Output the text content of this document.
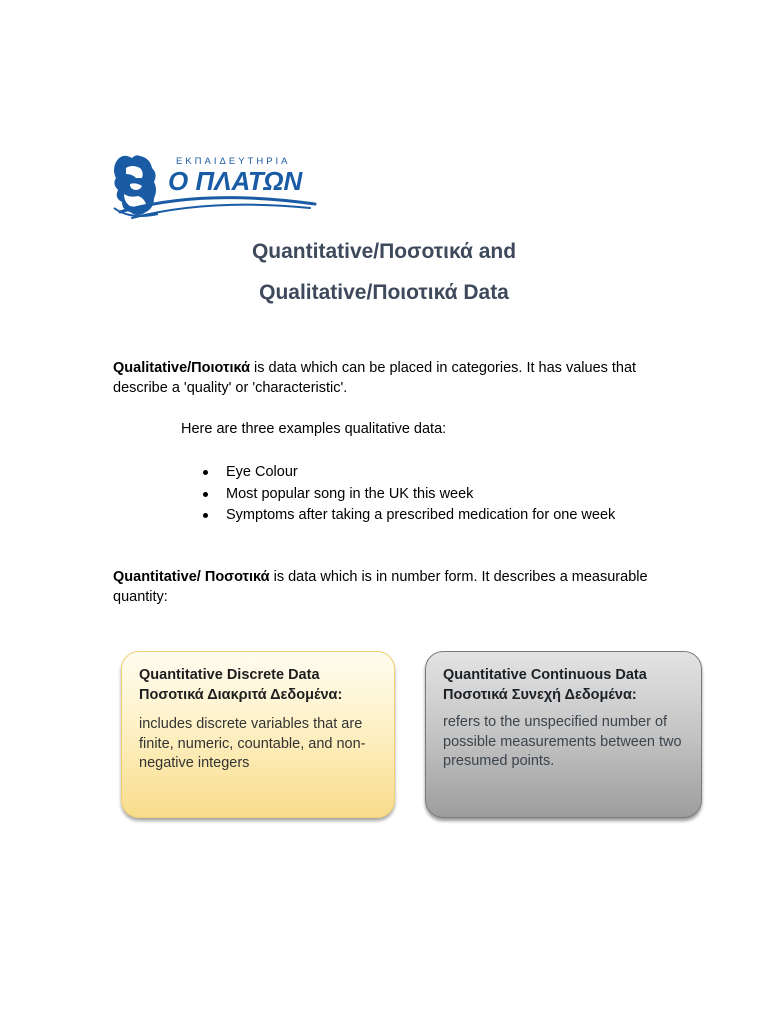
ΕΚΠΑΙΔΕΥΤΗΡΙΑ
Ο ΠΛΑΤΩΝ
Quantitative/Ποσοτικά and
Qualitative/Ποιοτικά Data

Qualitative/Ποιοτικά is data which can be placed in categories. It has values that describe a 'quality' or 'characteristic'.

Here are three examples qualitative data:

Eye Colour
Most popular song in the UK this week
Symptoms after taking a prescribed medication for one week

Quantitative/ Ποσοτικά is data which is in number form. It describes a measurable quantity:

Quantitative Discrete Data
Ποσοτικά Διακριτά Δεδομένα:

includes discrete variables that are finite, numeric, countable, and non-negative integers

Quantitative Continuous Data
Ποσοτικά Συνεχή Δεδομένα:

refers to the unspecified number of possible measurements between two presumed points.
